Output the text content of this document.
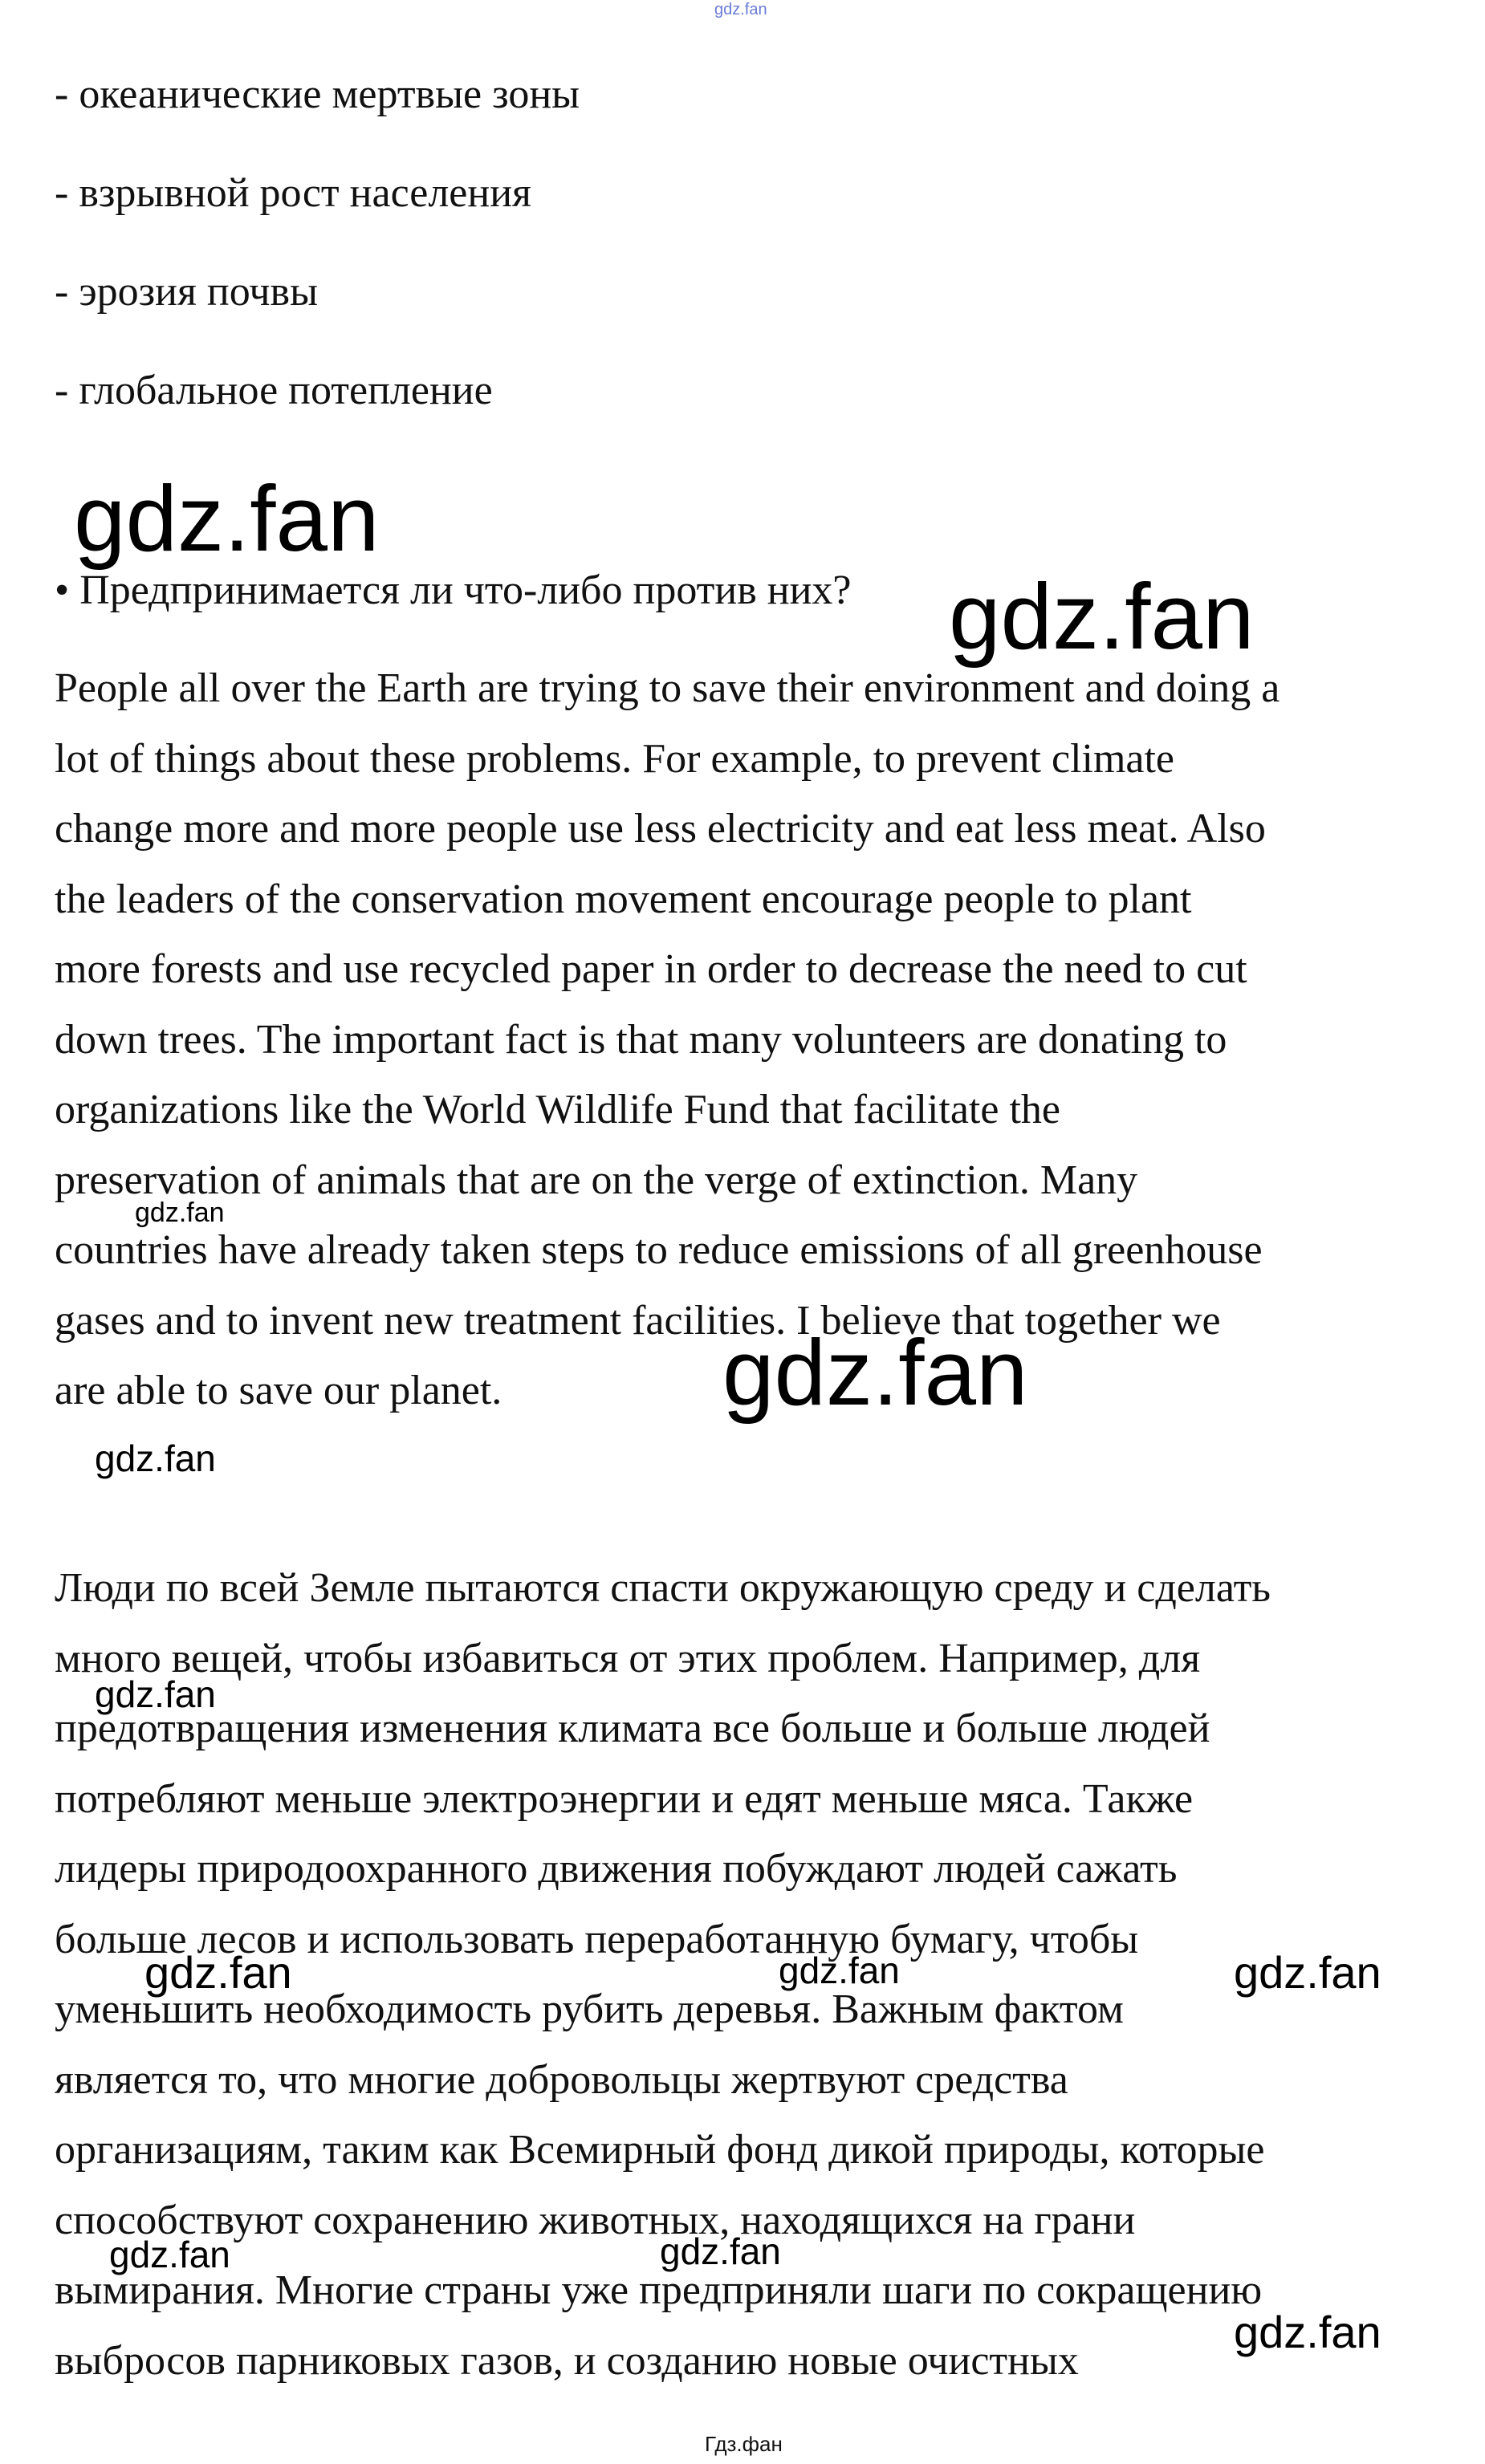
gdz.fan
- океанические мертвые зоны
- взрывной рост населения
- эрозия почвы
- глобальное потепление
• Предпринимается ли что-либо против них?
People all over the Earth are trying to save their environment and doing a
lot of things about these problems. For example, to prevent climate
change more and more people use less electricity and eat less meat. Also
the leaders of the conservation movement encourage people to plant
more forests and use recycled paper in order to decrease the need to cut
down trees. The important fact is that many volunteers are donating to
organizations like the World Wildlife Fund that facilitate the
preservation of animals that are on the verge of extinction. Many
countries have already taken steps to reduce emissions of all greenhouse
gases and to invent new treatment facilities. I believe that together we
are able to save our planet.
Люди по всей Земле пытаются спасти окружающую среду и сделать
много вещей, чтобы избавиться от этих проблем. Например, для
предотвращения изменения климата все больше и больше людей
потребляют меньше электроэнергии и едят меньше мяса. Также
лидеры природоохранного движения побуждают людей сажать
больше лесов и использовать переработанную бумагу, чтобы
уменьшить необходимость рубить деревья. Важным фактом
является то, что многие добровольцы жертвуют средства
организациям, таким как Всемирный фонд дикой природы, которые
способствуют сохранению животных, находящихся на грани
вымирания. Многие страны уже предприняли шаги по сокращению
выбросов парниковых газов, и созданию новые очистных
gdz.fan
gdz.fan
gdz.fan
gdz.fan
gdz.fan
gdz.fan
gdz.fan	gdz.fan	gdz.fan
gdz.fan	gdz.fan
gdz.fan
Гдз.фан
